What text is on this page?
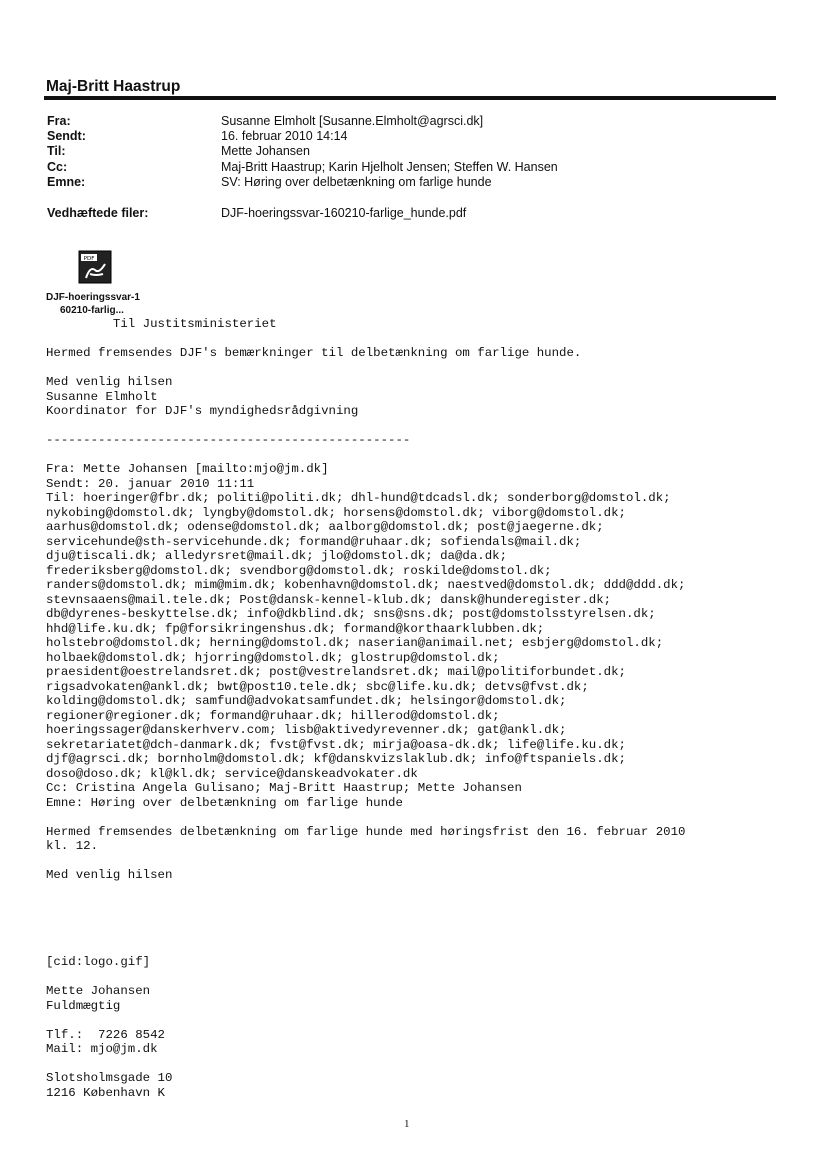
Maj-Britt Haastrup
Fra:	Susanne Elmholt [Susanne.Elmholt@agrsci.dk]
Sendt:	16. februar 2010 14:14
Til:	Mette Johansen
Cc:	Maj-Britt Haastrup; Karin Hjelholt Jensen; Steffen W. Hansen
Emne:	SV: Høring over delbetænkning om farlige hunde
Vedhæftede filer:	DJF-hoeringssvar-160210-farlige_hunde.pdf
PDF
DJF-hoeringssvar-1
60210-farlig...
Til Justitsministeriet
Hermed fremsendes DJF's bemærkninger til delbetænkning om farlige hunde.
Med venlig hilsen
Susanne Elmholt
Koordinator for DJF's myndighedsrådgivning
-------------------------------------------------
Fra: Mette Johansen [mailto:mjo@jm.dk]
Sendt: 20. januar 2010 11:11
Til: hoeringer@fbr.dk; politi@politi.dk; dhl-hund@tdcadsl.dk; sonderborg@domstol.dk;
nykobing@domstol.dk; lyngby@domstol.dk; horsens@domstol.dk; viborg@domstol.dk;
aarhus@domstol.dk; odense@domstol.dk; aalborg@domstol.dk; post@jaegerne.dk;
servicehunde@sth-servicehunde.dk; formand@ruhaar.dk; sofiendals@mail.dk;
dju@tiscali.dk; alledyrsret@mail.dk; jlo@domstol.dk; da@da.dk;
frederiksberg@domstol.dk; svendborg@domstol.dk; roskilde@domstol.dk;
randers@domstol.dk; mim@mim.dk; kobenhavn@domstol.dk; naestved@domstol.dk; ddd@ddd.dk;
stevnsaaens@mail.tele.dk; Post@dansk-kennel-klub.dk; dansk@hunderegister.dk;
db@dyrenes-beskyttelse.dk; info@dkblind.dk; sns@sns.dk; post@domstolsstyrelsen.dk;
hhd@life.ku.dk; fp@forsikringenshus.dk; formand@korthaarklubben.dk;
holstebro@domstol.dk; herning@domstol.dk; naserian@animail.net; esbjerg@domstol.dk;
holbaek@domstol.dk; hjorring@domstol.dk; glostrup@domstol.dk;
praesident@oestrelandsret.dk; post@vestrelandsret.dk; mail@politiforbundet.dk;
rigsadvokaten@ankl.dk; bwt@post10.tele.dk; sbc@life.ku.dk; detvs@fvst.dk;
kolding@domstol.dk; samfund@advokatsamfundet.dk; helsingor@domstol.dk;
regioner@regioner.dk; formand@ruhaar.dk; hillerod@domstol.dk;
hoeringssager@danskerhverv.com; lisb@aktivedyrevenner.dk; gat@ankl.dk;
sekretariatet@dch-danmark.dk; fvst@fvst.dk; mirja@oasa-dk.dk; life@life.ku.dk;
djf@agrsci.dk; bornholm@domstol.dk; kf@danskvizslaklub.dk; info@ftspaniels.dk;
doso@doso.dk; kl@kl.dk; service@danskeadvokater.dk
Cc: Cristina Angela Gulisano; Maj-Britt Haastrup; Mette Johansen
Emne: Høring over delbetænkning om farlige hunde
Hermed fremsendes delbetænkning om farlige hunde med høringsfrist den 16. februar 2010
kl. 12.
Med venlig hilsen
[cid:logo.gif]
Mette Johansen
Fuldmægtig
Tlf.:  7226 8542
Mail: mjo@jm.dk
Slotsholmsgade 10
1216 København K
1
